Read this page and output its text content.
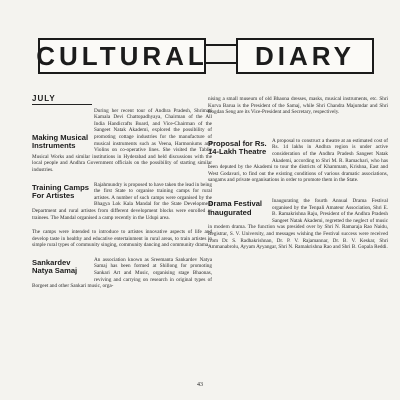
CULTURAL	DIARY
JULY
Making Musical Instruments
During her recent tour of Andhra Pradesh, Shrimati Kamala Devi Chattopadhyaya, Chairman of the All India Handicrafts Board, and Vice-Chairman of the Sangeet Natak Akademi, explored the possibility of promoting cottage industries for the manufacture of musical instruments such as Veena, Harmoniums and Violins on co-operative lines. She visited the Tablla Musical Works and similar institutions in Hyderabad and held discussions with the local people and Andhra Government officials on the possibility of starting similar industries.
Training Camps For Artistes
Rajahmundry is proposed to have taken the lead in being the first State to organise training camps for rural artistes. A number of such camps were organised by the Bhagya Lok Kala Mandal for the State Development Department and rural artistes from different development blocks were enrolled as trainees. The Mandal organised a camp recently in the Udupi area.
The camps were intended to introduce to artistes innovative aspects of life and develop taste in healthy and educative entertainment in rural areas, to train artistes in simple rural types of community singing, community dancing and community drama.
Sankardev Natya Samaj
An association known as Sreemanta Sankardev Natya Samaj has been formed at Shillong for promoting Sankari Art and Music, organising stage Bhaonas, reviving and carrying on research in original types of Borgeet and other Sankari music, orga-
nising a small museum of old Bhaona dresses, masks, musical instruments, etc. Shri Kurva Barua is the President of the Samaj, while Shri Chandra Majumdar and Shri Bogdan Seng are its Vice-President and Secretary, respectively.
Proposal for Rs. 14-Lakh Theatre
A proposal to construct a theatre at an estimated cost of Rs. 14 lakhs in Andhra region is under active consideration of the Andhra Pradesh Sangeet Natak Akademi, according to Shri M. R. Ramachari, who has been deputed by the Akademi to tour the districts of Khammam, Krishna, East and West Godavari, to find out the existing conditions of various dramatic associations, sangams and private organisations in order to promote them in the State.
Drama Festival Inaugurated
Inaugurating the fourth Annual Drama Festival organised by the Tenpali Amateur Association, Shri E. B. Ramakrishna Raju, President of the Andhra Pradesh Sangeet Natak Akademi, regretted the neglect of music in modern drama. The function was presided over by Shri N. Ramaraja Rao Naidu, Registrar, S. V. University, and messages wishing the Festival success were received from Dr. S. Radhakrishnan, Dr. P. V. Rajamannar, Dr. B. V. Keskar, Shri Ammanabrolu, Ayyam Ayyangar, Shri N. Ramakrishna Rao and Shri B. Gopala Reddi.
43
